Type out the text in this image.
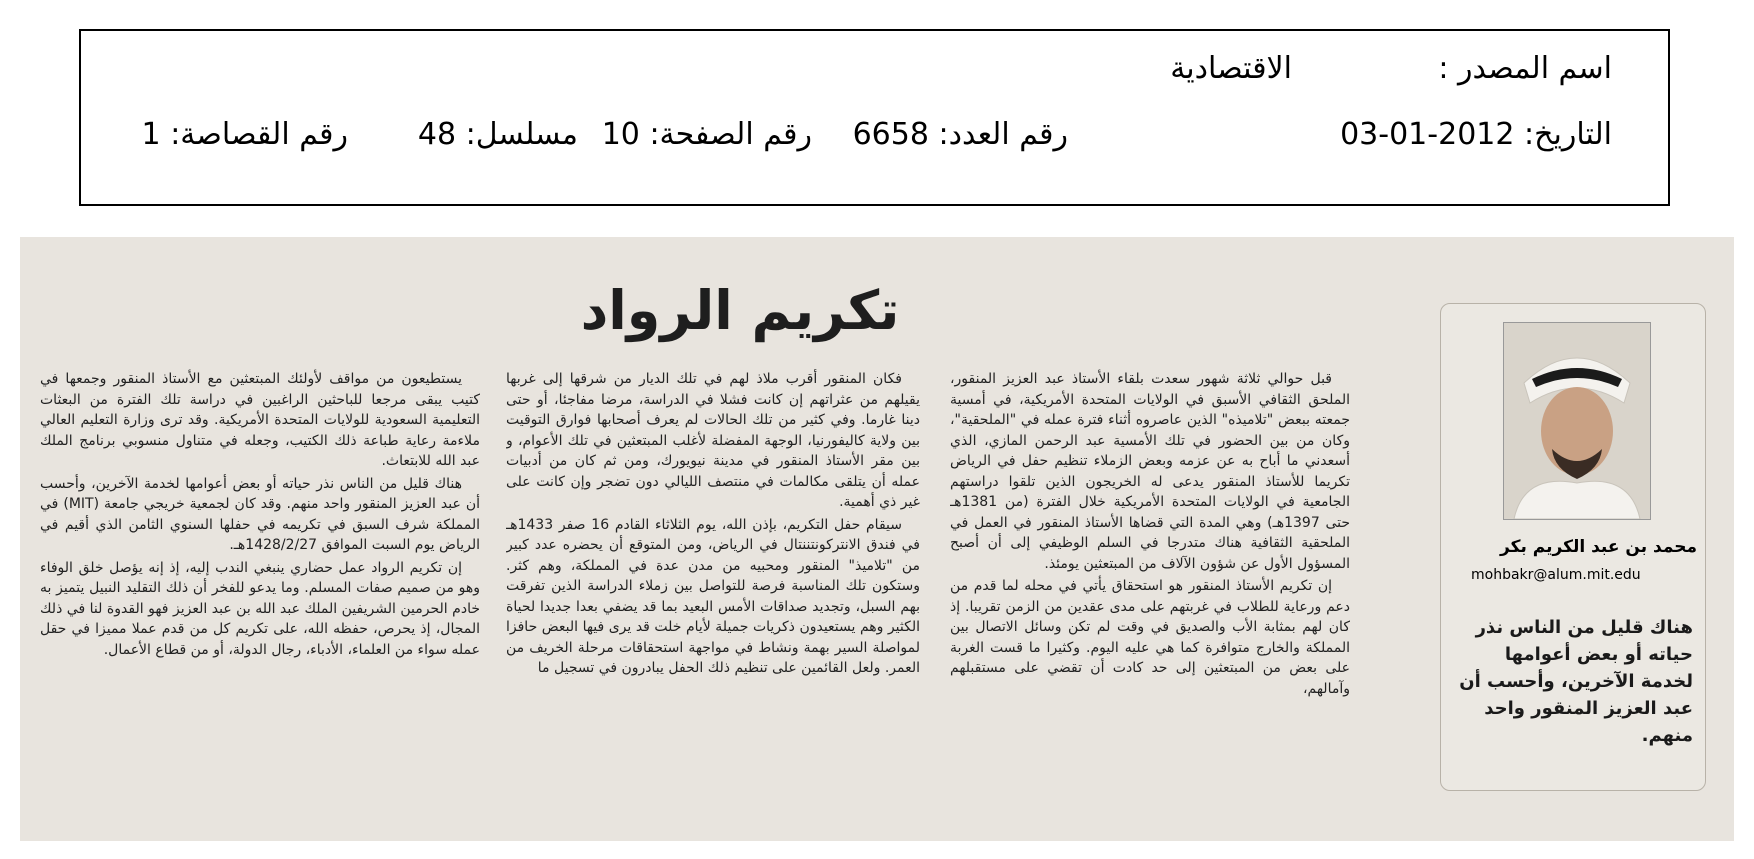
اسم المصدر :
الاقتصادية
التاريخ: 2012-01-03
رقم العدد: 6658
رقم الصفحة: 10
مسلسل: 48
رقم القصاصة: 1
تكريم الرواد
محمد بن عبد الكريم بكر
mohbakr@alum.mit.edu
هناك قليل من الناس نذر حياته أو بعض أعوامها لخدمة الآخرين، وأحسب أن عبد العزيز المنقور واحد منهم.

قبل حوالي ثلاثة شهور سعدت بلقاء الأستاذ عبد العزيز المنقور، الملحق الثقافي الأسبق في الولايات المتحدة الأمريكية، في أمسية جمعته ببعض "تلاميذه" الذين عاصروه أثناء فترة عمله في "الملحقية"، وكان من بين الحضور في تلك الأمسية عبد الرحمن المازي، الذي أسعدني ما أباح به عن عزمه وبعض الزملاء تنظيم حفل في الرياض تكريما للأستاذ المنقور يدعى له الخريجون الذين تلقوا دراستهم الجامعية في الولايات المتحدة الأمريكية خلال الفترة (من 1381هـ حتى 1397هـ) وهي المدة التي قضاها الأستاذ المنقور في العمل في الملحقية الثقافية هناك متدرجا في السلم الوظيفي إلى أن أصبح المسؤول الأول عن شؤون الآلاف من المبتعثين يومئذ.

إن تكريم الأستاذ المنقور هو استحقاق يأتي في محله لما قدم من دعم ورعاية للطلاب في غربتهم على مدى عقدين من الزمن تقريبا. إذ كان لهم بمثابة الأب والصديق في وقت لم تكن وسائل الاتصال بين المملكة والخارج متوافرة كما هي عليه اليوم. وكثيرا ما قست الغربة على بعض من المبتعثين إلى حد كادت أن تقضي على مستقبلهم وآمالهم،

فكان المنقور أقرب ملاذ لهم في تلك الديار من شرقها إلى غربها يقيلهم من عثراتهم إن كانت فشلا في الدراسة، مرضا مفاجئا، أو حتى دينا غارما. وفي كثير من تلك الحالات لم يعرف أصحابها فوارق التوقيت بين ولاية كاليفورنيا، الوجهة المفضلة لأغلب المبتعثين في تلك الأعوام، و بين مقر الأستاذ المنقور في مدينة نيويورك، ومن ثم كان من أدبيات عمله أن يتلقى مكالمات في منتصف الليالي دون تضجر وإن كانت على غير ذي أهمية.

سيقام حفل التكريم، بإذن الله، يوم الثلاثاء القادم 16 صفر 1433هـ في فندق الانتركونتننتال في الرياض، ومن المتوقع أن يحضره عدد كبير من "تلاميذ" المنقور ومحبيه من مدن عدة في المملكة، وهم كثر. وستكون تلك المناسبة فرصة للتواصل بين زملاء الدراسة الذين تفرقت بهم السبل، وتجديد صداقات الأمس البعيد بما قد يضفي بعدا جديدا لحياة الكثير وهم يستعيدون ذكريات جميلة لأيام خلت قد يرى فيها البعض حافزا لمواصلة السير بهمة ونشاط في مواجهة استحقاقات مرحلة الخريف من العمر. ولعل القائمين على تنظيم ذلك الحفل يبادرون في تسجيل ما

يستطيعون من مواقف لأولئك المبتعثين مع الأستاذ المنقور وجمعها في كتيب يبقى مرجعا للباحثين الراغبين في دراسة تلك الفترة من البعثات التعليمية السعودية للولايات المتحدة الأمريكية. وقد ترى وزارة التعليم العالي ملاءمة رعاية طباعة ذلك الكتيب، وجعله في متناول منسوبي برنامج الملك عبد الله للابتعاث.

هناك قليل من الناس نذر حياته أو بعض أعوامها لخدمة الآخرين، وأحسب أن عبد العزيز المنقور واحد منهم. وقد كان لجمعية خريجي جامعة (MIT) في المملكة شرف السبق في تكريمه في حفلها السنوي الثامن الذي أقيم في الرياض يوم السبت الموافق 1428/2/27هـ.

إن تكريم الرواد عمل حضاري ينبغي الندب إليه، إذ إنه يؤصل خلق الوفاء وهو من صميم صفات المسلم. وما يدعو للفخر أن ذلك التقليد النبيل يتميز به خادم الحرمين الشريفين الملك عبد الله بن عبد العزيز فهو القدوة لنا في ذلك المجال، إذ يحرص، حفظه الله، على تكريم كل من قدم عملا مميزا في حقل عمله سواء من العلماء، الأدباء، رجال الدولة، أو من قطاع الأعمال.
